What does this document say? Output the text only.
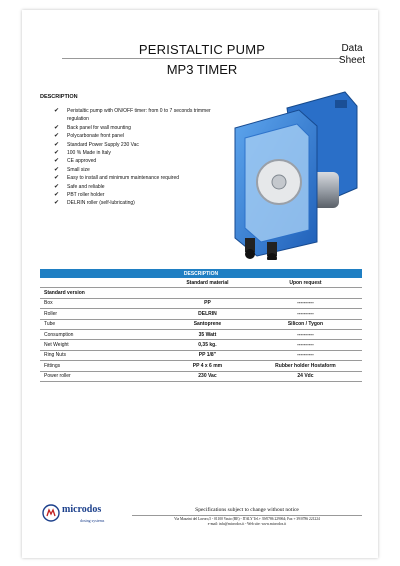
PERISTALTIC PUMP
MP3 TIMER
Data
Sheet
DESCRIPTION
✔ Peristaltic pump with ON/OFF timer: from 0 to 7 seconds trimmer regulation
✔ Back panel for wall mounting
✔ Polycarbonate front panel
✔ Standard Power Supply 230 Vac
✔ 100 % Made in Italy
✔ CE approved
✔ Small size
✔ Easy to install and minimum maintenance required
✔ Safe and reliable
✔ PBT roller holder
✔ DELRIN roller (self-lubricating)
DESCRIPTION		
	Standard material	Upon request
Standard version		
Box	PP	----------
Roller	DELRIN	----------
Tube	Santoprene	Silicon / Tygon
Consumption	35 Watt	----------
Net Weight	0,35 kg.	----------
Ring Nuts	PP 1/8"	----------
Fittings	PP 4 x 6 mm	Rubber holder Hostaform
Power roller	230 Vac	24 Vdc
microdos
dosing systems
Specifications subject to change without notice
Via Mazzini del Lavoro,5 - 01100 Vasto (RE) - ITALY Tel.+ 39/0786 229064; Fax + 39/0786 221224
e-mail: info@microdos.it - Web site: www.microdos.it
